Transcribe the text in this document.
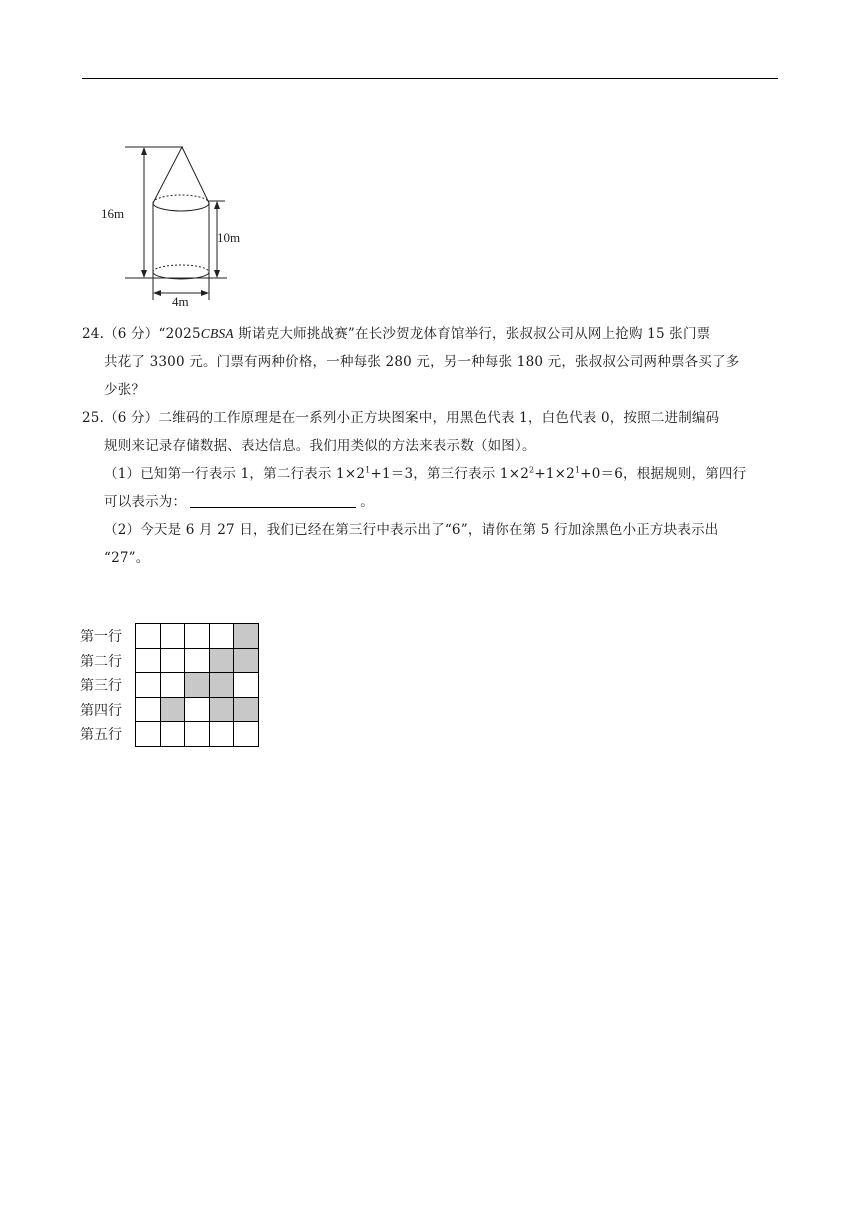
16m
10m
4m
24.（6 分）“2025CBSA 斯诺克大师挑战赛”在长沙贺龙体育馆举行，张叔叔公司从网上抢购 15 张门票
共花了 3300 元。门票有两种价格，一种每张 280 元，另一种每张 180 元，张叔叔公司两种票各买了多
少张？
25.（6 分）二维码的工作原理是在一系列小正方块图案中，用黑色代表 1，白色代表 0，按照二进制编码
规则来记录存储数据、表达信息。我们用类似的方法来表示数（如图）。
（1）已知第一行表示 1，第二行表示 $1\times 2^1+1=3$，第三行表示 $1\times 2^2+1\times 2^1+0=6$，根据规则，第四行
可以表示为：	。
（2）今天是 6 月 27 日，我们已经在第三行中表示出了“6”，请你在第 5 行加涂黑色小正方块表示出
“27”。
第一行
第二行
第三行
第四行
第五行
